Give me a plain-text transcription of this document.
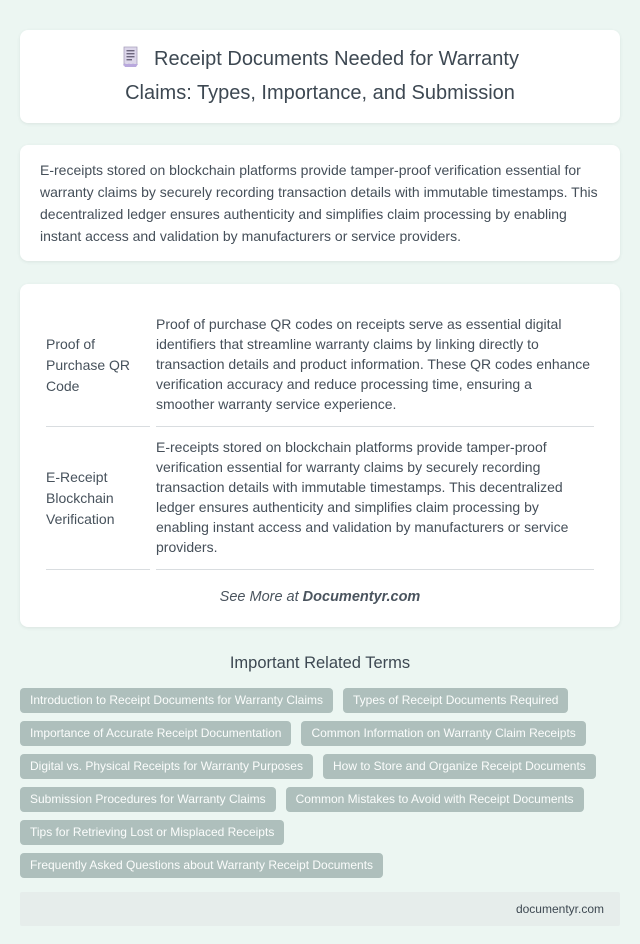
Receipt Documents Needed for Warranty Claims: Types, Importance, and Submission

E-receipts stored on blockchain platforms provide tamper-proof verification essential for warranty claims by securely recording transaction details with immutable timestamps. This decentralized ledger ensures authenticity and simplifies claim processing by enabling instant access and validation by manufacturers or service providers.

Proof of Purchase QR Code	Proof of purchase QR codes on receipts serve as essential digital identifiers that streamline warranty claims by linking directly to transaction details and product information. These QR codes enhance verification accuracy and reduce processing time, ensuring a smoother warranty service experience.
E-Receipt Blockchain Verification	E-receipts stored on blockchain platforms provide tamper-proof verification essential for warranty claims by securely recording transaction details with immutable timestamps. This decentralized ledger ensures authenticity and simplifies claim processing by enabling instant access and validation by manufacturers or service providers.
See More at Documentyr.com
Important Related Terms
Introduction to Receipt Documents for Warranty Claims	Types of Receipt Documents Required
Importance of Accurate Receipt Documentation	Common Information on Warranty Claim Receipts
Digital vs. Physical Receipts for Warranty Purposes	How to Store and Organize Receipt Documents
Submission Procedures for Warranty Claims	Common Mistakes to Avoid with Receipt Documents
Tips for Retrieving Lost or Misplaced Receipts
Frequently Asked Questions about Warranty Receipt Documents
documentyr.com
